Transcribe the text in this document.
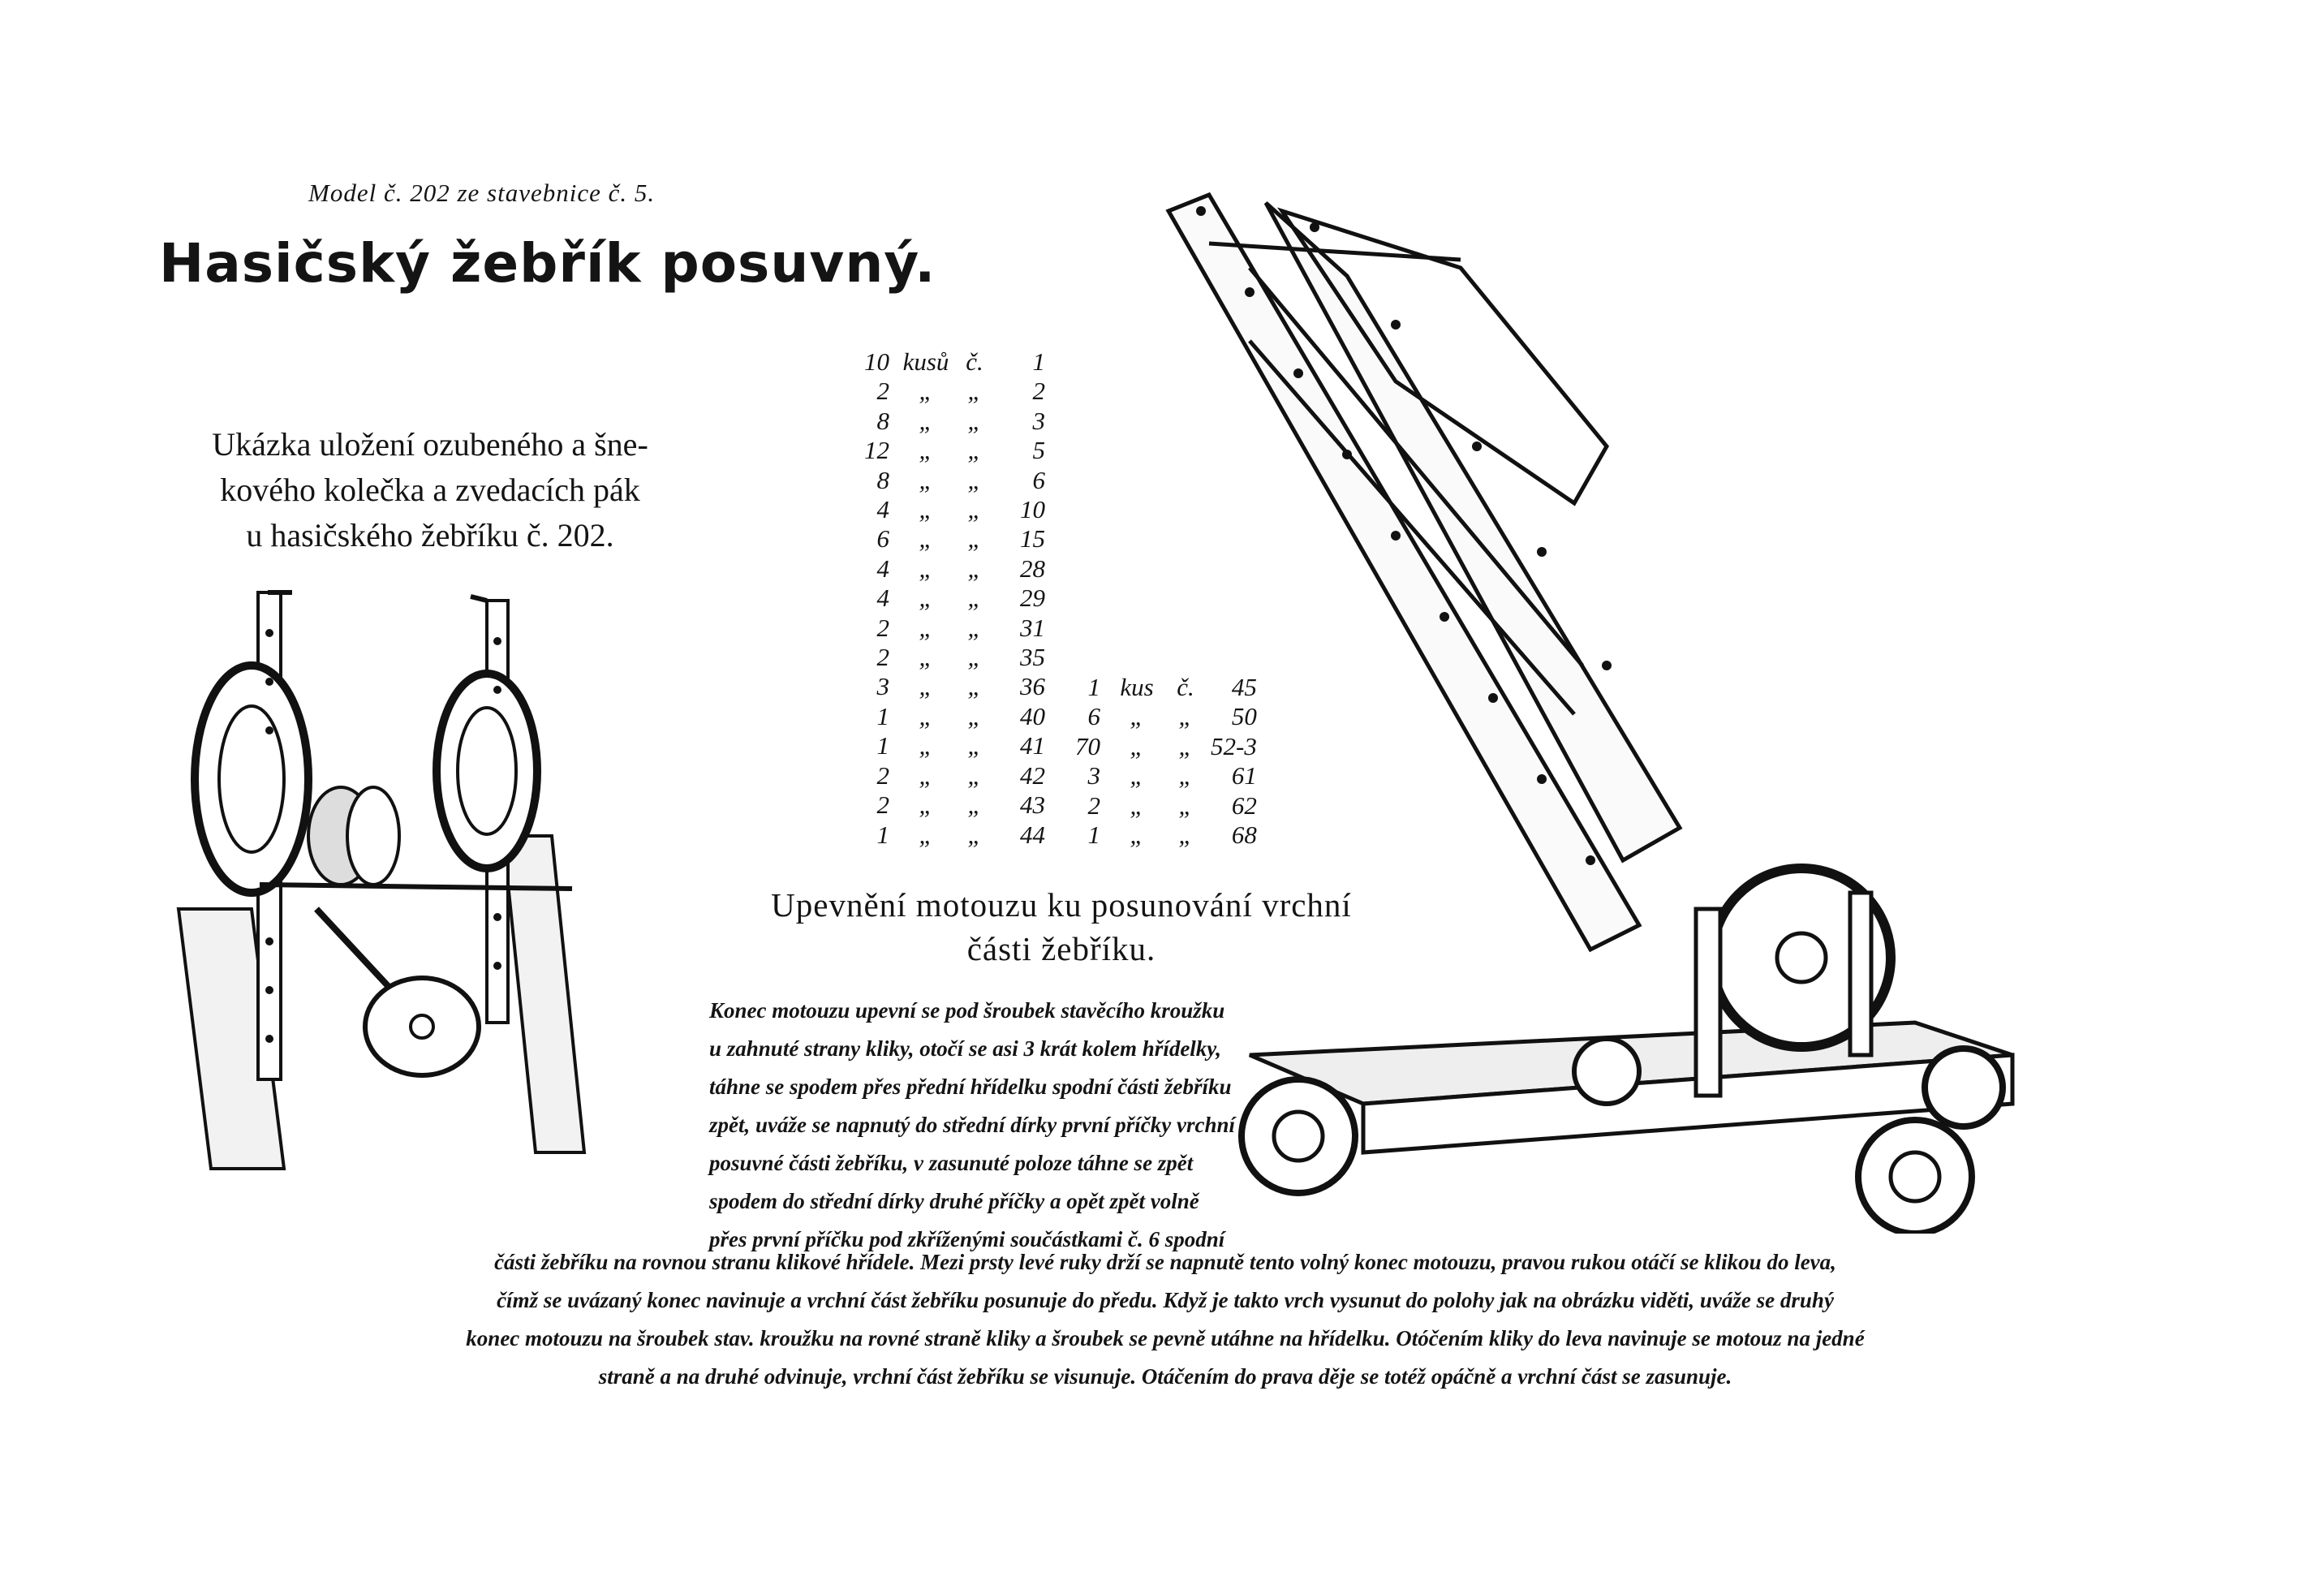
Model č. 202 ze stavebnice č. 5.
Hasičský žebřík posuvný.
Ukázka uložení ozubeného a šne-
kového kolečka a zvedacích pák
u hasičského žebříku č. 202.
10	kusů	č.	1
2	„	„	2
8	„	„	3
12	„	„	5
8	„	„	6
4	„	„	10
6	„	„	15
4	„	„	28
4	„	„	29
2	„	„	31
2	„	„	35
3	„	„	36
1	„	„	40
1	„	„	41
2	„	„	42
2	„	„	43
1	„	„	44
1	kus	č.	45
6	„	„	50
70	„	„	52-3
3	„	„	61
2	„	„	62
1	„	„	68
Upevnění motouzu ku posunování vrchní
části žebříku.
Konec motouzu upevní se pod šroubek stavěcího kroužku
u zahnuté strany kliky, otočí se asi 3 krát kolem hřídelky,
táhne se spodem přes přední hřídelku spodní části žebříku
zpět, uváže se napnutý do střední dírky první příčky vrchní
posuvné části žebříku, v zasunuté poloze táhne se zpět
spodem do střední dírky druhé příčky a opět zpět volně
přes první příčku pod zkříženými součástkami č. 6 spodní
části žebříku na rovnou stranu klikové hřídele. Mezi prsty levé ruky drží se napnutě tento volný konec motouzu, pravou rukou otáčí se klikou do leva,
čímž se uvázaný konec navinuje a vrchní část žebříku posunuje do předu. Když je takto vrch vysunut do polohy jak na obrázku viděti, uváže se druhý
konec motouzu na šroubek stav. kroužku na rovné straně kliky a šroubek se pevně utáhne na hřídelku. Otóčením kliky do leva navinuje se motouz na jedné
straně a na druhé odvinuje, vrchní část žebříku se visunuje. Otáčením do prava děje se totéž opáčně a vrchní část se zasunuje.
